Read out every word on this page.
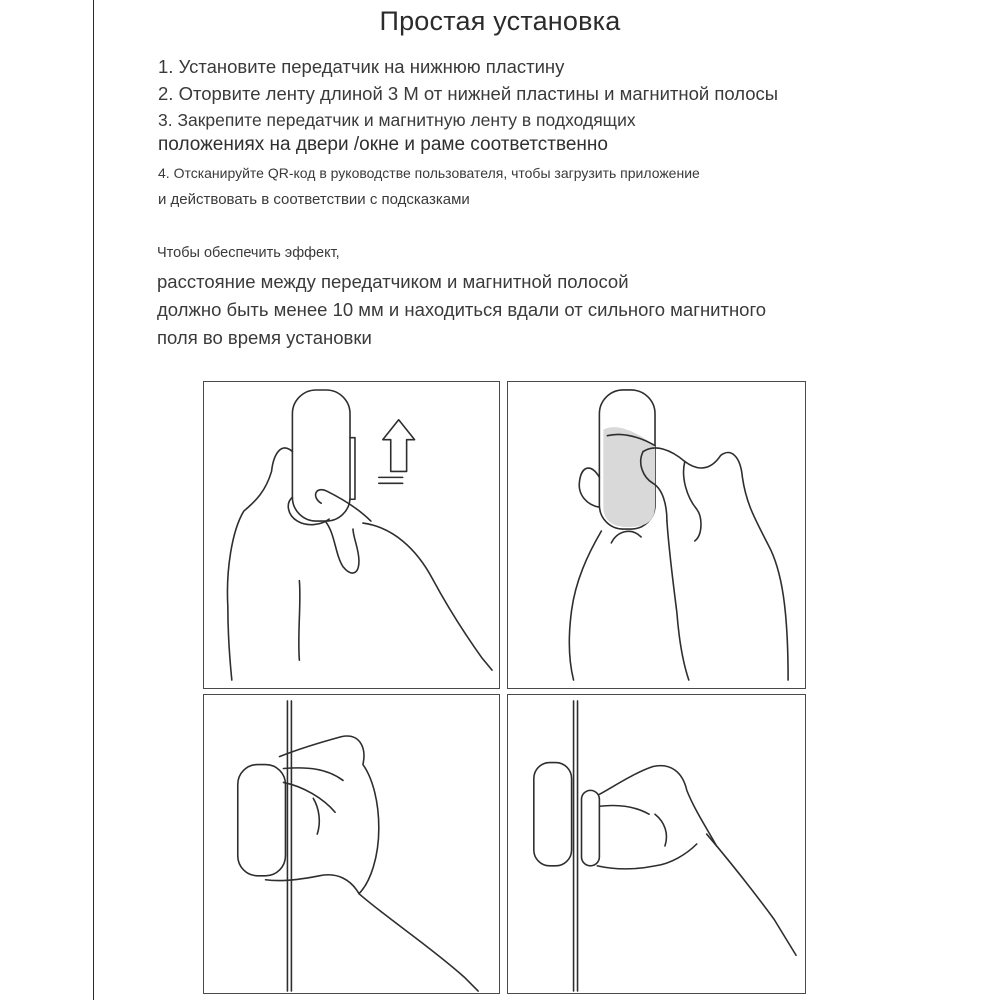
Простая установка
1. Установите передатчик на нижнюю пластину
2. Оторвите ленту длиной 3 М от нижней пластины и магнитной полосы
3. Закрепите передатчик и магнитную ленту в подходящих
положениях на двери /окне и раме соответственно
4. Отсканируйте QR-код в руководстве пользователя, чтобы загрузить приложение
и действовать в соответствии с подсказками
Чтобы обеспечить эффект,
расстояние между передатчиком и магнитной полосой
должно быть менее 10 мм и находиться вдали от сильного магнитного
поля во время установки
